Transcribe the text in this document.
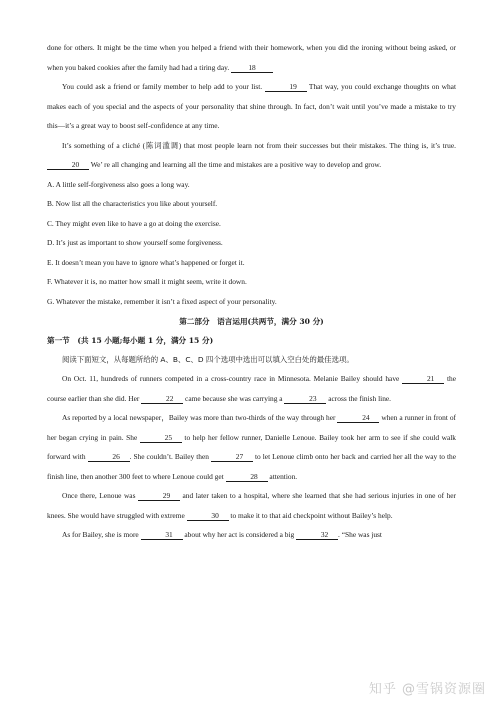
done for others. It might be the time when you helped a friend with their homework, when you did the ironing without being asked, or when you baked cookies after the family had had a tiring day. 18

You could ask a friend or family member to help add to your list.	19 That way, you could exchange thoughts on what makes each of you special and the aspects of your personality that shine through. In fact, don’t wait until you’ve made a mistake to try this—it’s a great way to boost self-confidence at any time.

It’s something of a cliché (陈词滥调) that most people learn not from their successes but their mistakes. The thing is, it’s true. 20 We’ re all changing and learning all the time and mistakes are a positive way to develop and grow.

A. A little self-forgiveness also goes a long way.

B. Now list all the characteristics you like about yourself.

C. They might even like to have a go at doing the exercise.

D. It’s just as important to show yourself some forgiveness.

E. It doesn’t mean you have to ignore what’s happened or forget it.

F. Whatever it is, no matter how small it might seem, write it down.

G. Whatever the mistake, remember it isn’t a fixed aspect of your personality.

第二部分　语言运用(共两节，满分 30 分)

第一节　(共 15 小题;每小题 1 分，满分 15 分)

阅读下面短文，从每题所给的 A、B、C、D 四个选项中选出可以填入空白处的最佳选项。

On Oct. 11, hundreds of runners competed in a cross-country race in Minnesota. Melanie Bailey should have	21 the course earlier than she did. Her	22 came because she was carrying a	23 across the finish line.

As reported by a local newspaper，Bailey was more than two-thirds of the way through her	24 when a runner in front of her began crying in pain. She	25 to help her fellow runner, Danielle Lenoue. Bailey took her arm to see if she could walk forward with	26 . She couldn’t. Bailey then	27 to let Lenoue climb onto her back and carried her all the way to the finish line, then another 300 feet to where Lenoue could get	28 attention.

Once there, Lenoue was	29 and later taken to a hospital, where she learned that she had serious injuries in one of her knees. She would have struggled with extreme	30 to make it to that aid checkpoint without Bailey’s help.

As for Bailey, she is more	31 about why her act is considered a big	32 . “She was just

知乎 @雪锅资源圈
